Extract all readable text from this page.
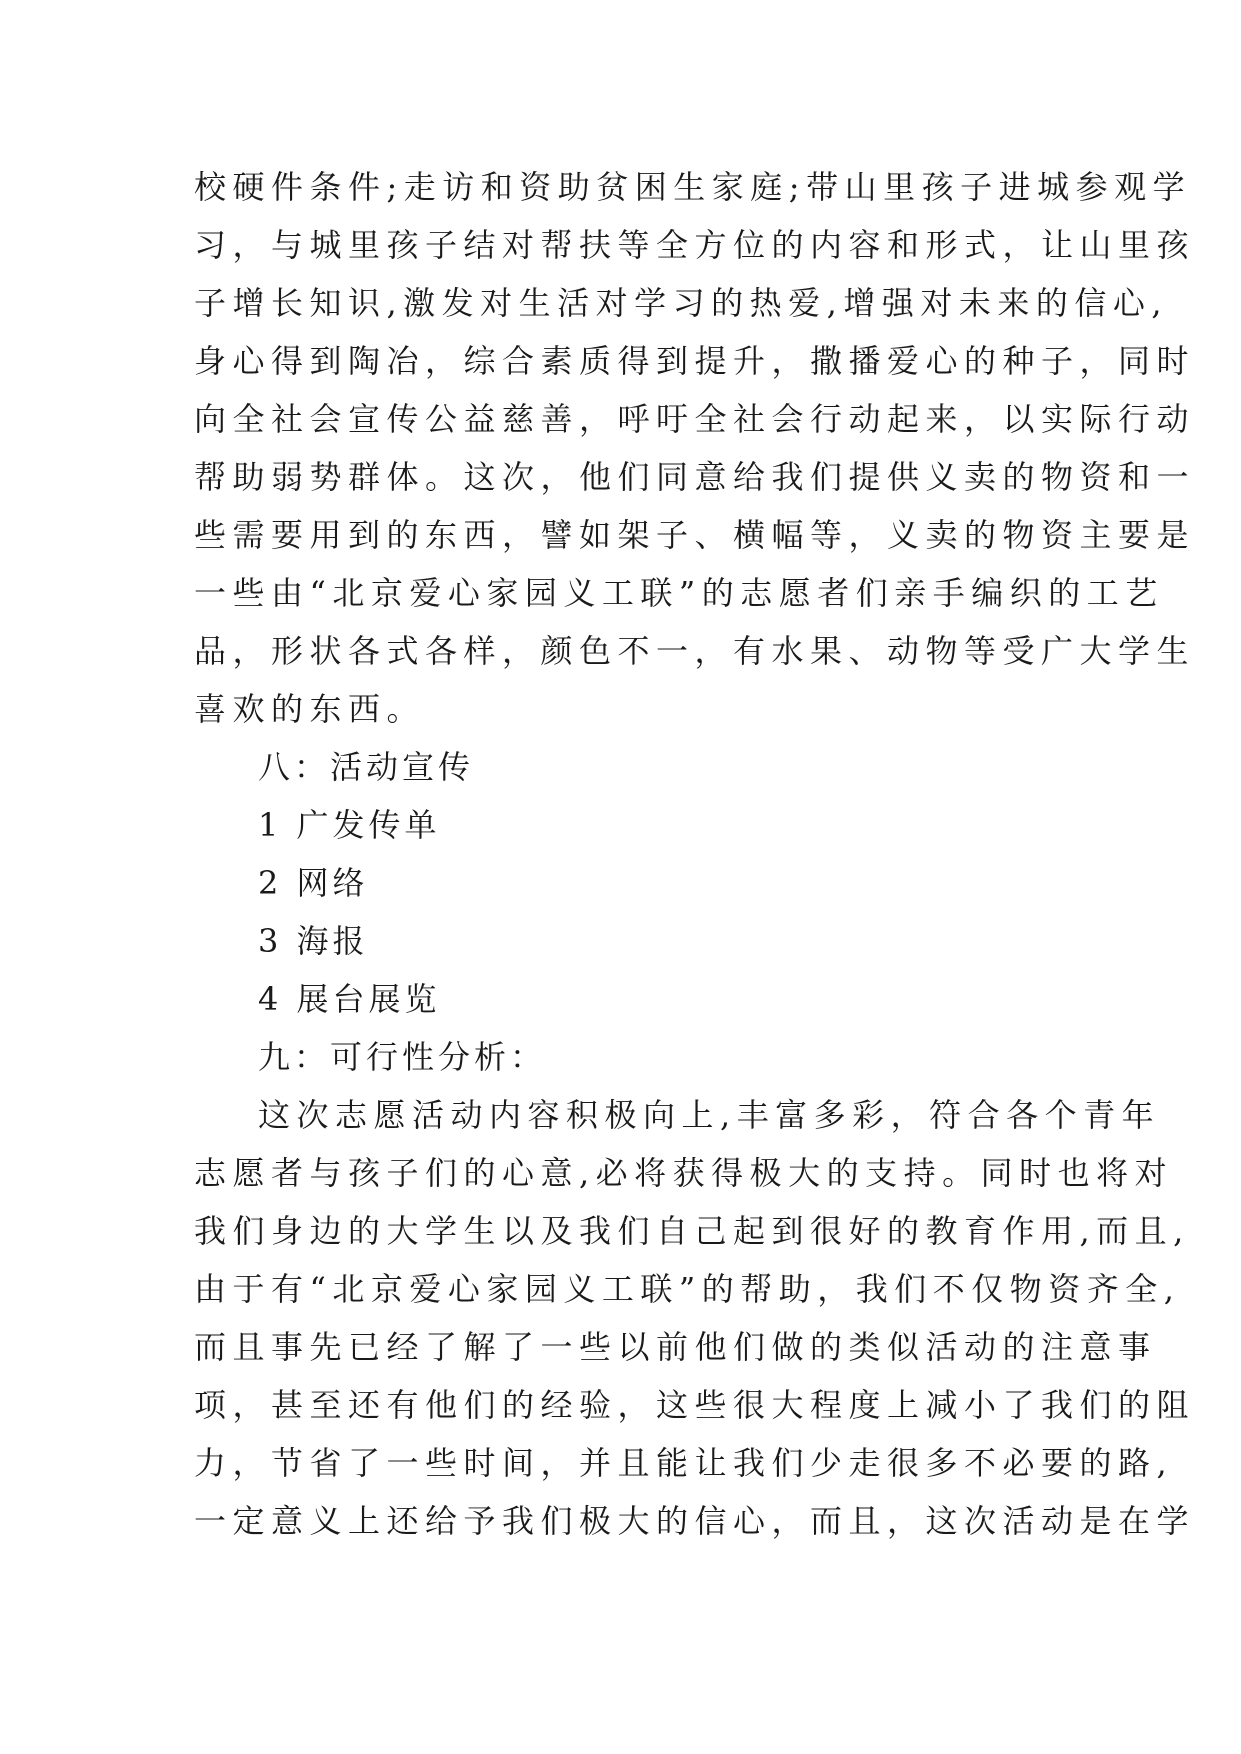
校硬件条件;走访和资助贫困生家庭;带山里孩子进城参观学
习，与城里孩子结对帮扶等全方位的内容和形式，让山里孩
子增长知识,激发对生活对学习的热爱,增强对未来的信心,
身心得到陶冶，综合素质得到提升，撒播爱心的种子，同时
向全社会宣传公益慈善，呼吁全社会行动起来，以实际行动
帮助弱势群体。这次，他们同意给我们提供义卖的物资和一
些需要用到的东西，譬如架子、横幅等，义卖的物资主要是
一些由“北京爱心家园义工联”的志愿者们亲手编织的工艺
品，形状各式各样，颜色不一，有水果、动物等受广大学生
喜欢的东西。
八：活动宣传
1 广发传单
2 网络
3 海报
4 展台展览
九：可行性分析：
这次志愿活动内容积极向上,丰富多彩，符合各个青年
志愿者与孩子们的心意,必将获得极大的支持。同时也将对
我们身边的大学生以及我们自己起到很好的教育作用,而且,
由于有“北京爱心家园义工联”的帮助，我们不仅物资齐全,
而且事先已经了解了一些以前他们做的类似活动的注意事
项，甚至还有他们的经验，这些很大程度上减小了我们的阻
力，节省了一些时间，并且能让我们少走很多不必要的路,
一定意义上还给予我们极大的信心，而且，这次活动是在学
